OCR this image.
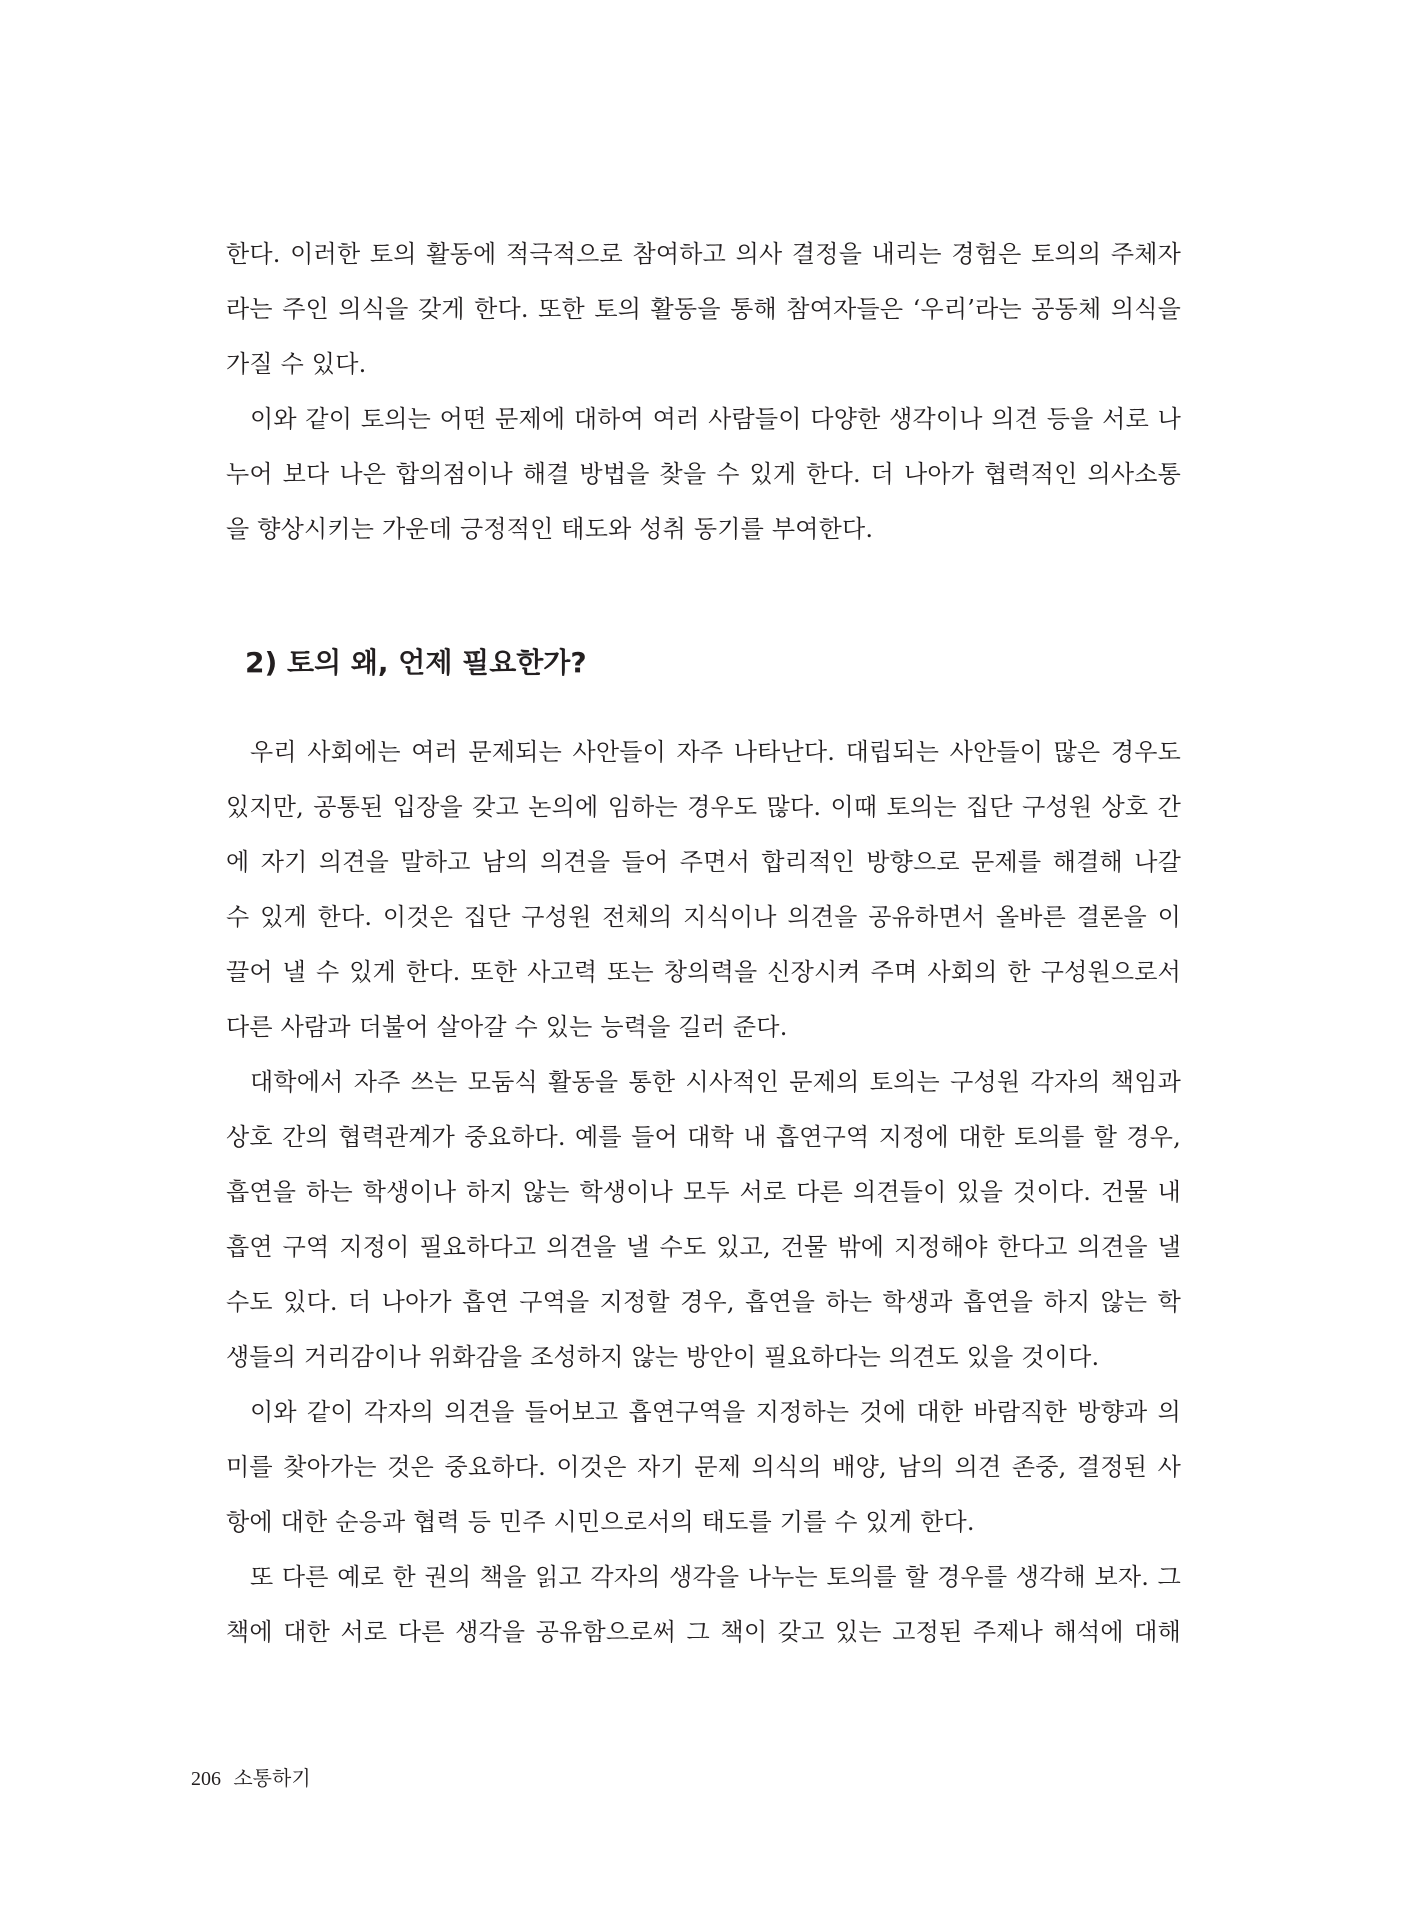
한다. 이러한 토의 활동에 적극적으로 참여하고 의사 결정을 내리는 경험은 토의의 주체자
라는 주인 의식을 갖게 한다. 또한 토의 활동을 통해 참여자들은 ‘우리’라는 공동체 의식을
가질 수 있다.
이와 같이 토의는 어떤 문제에 대하여 여러 사람들이 다양한 생각이나 의견 등을 서로 나
누어 보다 나은 합의점이나 해결 방법을 찾을 수 있게 한다. 더 나아가 협력적인 의사소통
을 향상시키는 가운데 긍정적인 태도와 성취 동기를 부여한다.
2) 토의 왜, 언제 필요한가?
우리 사회에는 여러 문제되는 사안들이 자주 나타난다. 대립되는 사안들이 많은 경우도
있지만, 공통된 입장을 갖고 논의에 임하는 경우도 많다. 이때 토의는 집단 구성원 상호 간
에 자기 의견을 말하고 남의 의견을 들어 주면서 합리적인 방향으로 문제를 해결해 나갈
수 있게 한다. 이것은 집단 구성원 전체의 지식이나 의견을 공유하면서 올바른 결론을 이
끌어 낼 수 있게 한다. 또한 사고력 또는 창의력을 신장시켜 주며 사회의 한 구성원으로서
다른 사람과 더불어 살아갈 수 있는 능력을 길러 준다.
대학에서 자주 쓰는 모둠식 활동을 통한 시사적인 문제의 토의는 구성원 각자의 책임과
상호 간의 협력관계가 중요하다. 예를 들어 대학 내 흡연구역 지정에 대한 토의를 할 경우,
흡연을 하는 학생이나 하지 않는 학생이나 모두 서로 다른 의견들이 있을 것이다. 건물 내
흡연 구역 지정이 필요하다고 의견을 낼 수도 있고, 건물 밖에 지정해야 한다고 의견을 낼
수도 있다. 더 나아가 흡연 구역을 지정할 경우, 흡연을 하는 학생과 흡연을 하지 않는 학
생들의 거리감이나 위화감을 조성하지 않는 방안이 필요하다는 의견도 있을 것이다.
이와 같이 각자의 의견을 들어보고 흡연구역을 지정하는 것에 대한 바람직한 방향과 의
미를 찾아가는 것은 중요하다. 이것은 자기 문제 의식의 배양, 남의 의견 존중, 결정된 사
항에 대한 순응과 협력 등 민주 시민으로서의 태도를 기를 수 있게 한다.
또 다른 예로 한 권의 책을 읽고 각자의 생각을 나누는 토의를 할 경우를 생각해 보자. 그
책에 대한 서로 다른 생각을 공유함으로써 그 책이 갖고 있는 고정된 주제나 해석에 대해
206 소통하기
